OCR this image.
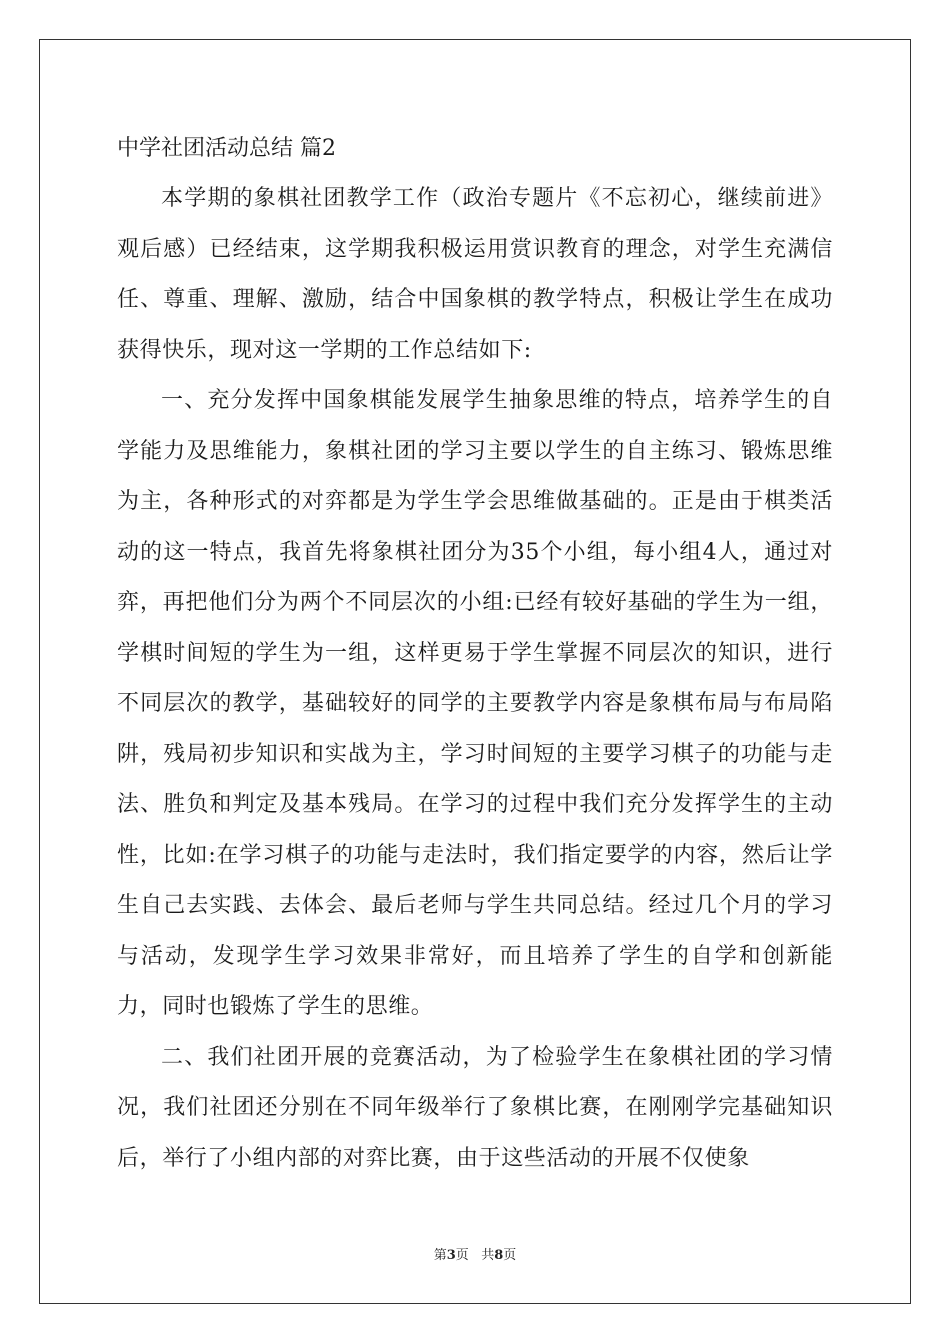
中学社团活动总结 篇2

本学期的象棋社团教学工作（政治专题片《不忘初心，继续前进》观后感）已经结束，这学期我积极运用赏识教育的理念，对学生充满信任、尊重、理解、激励，结合中国象棋的教学特点，积极让学生在成功获得快乐，现对这一学期的工作总结如下:

一、充分发挥中国象棋能发展学生抽象思维的特点，培养学生的自学能力及思维能力，象棋社团的学习主要以学生的自主练习、锻炼思维为主，各种形式的对弈都是为学生学会思维做基础的。正是由于棋类活动的这一特点，我首先将象棋社团分为35个小组，每小组4人，通过对弈，再把他们分为两个不同层次的小组:已经有较好基础的学生为一组，学棋时间短的学生为一组，这样更易于学生掌握不同层次的知识，进行不同层次的教学，基础较好的同学的主要教学内容是象棋布局与布局陷阱，残局初步知识和实战为主，学习时间短的主要学习棋子的功能与走法、胜负和判定及基本残局。在学习的过程中我们充分发挥学生的主动性，比如:在学习棋子的功能与走法时，我们指定要学的内容，然后让学生自己去实践、去体会、最后老师与学生共同总结。经过几个月的学习与活动，发现学生学习效果非常好，而且培养了学生的自学和创新能力，同时也锻炼了学生的思维。

二、我们社团开展的竞赛活动，为了检验学生在象棋社团的学习情况，我们社团还分别在不同年级举行了象棋比赛，在刚刚学完基础知识后，举行了小组内部的对弈比赛，由于这些活动的开展不仅使象

第3页   共8页
